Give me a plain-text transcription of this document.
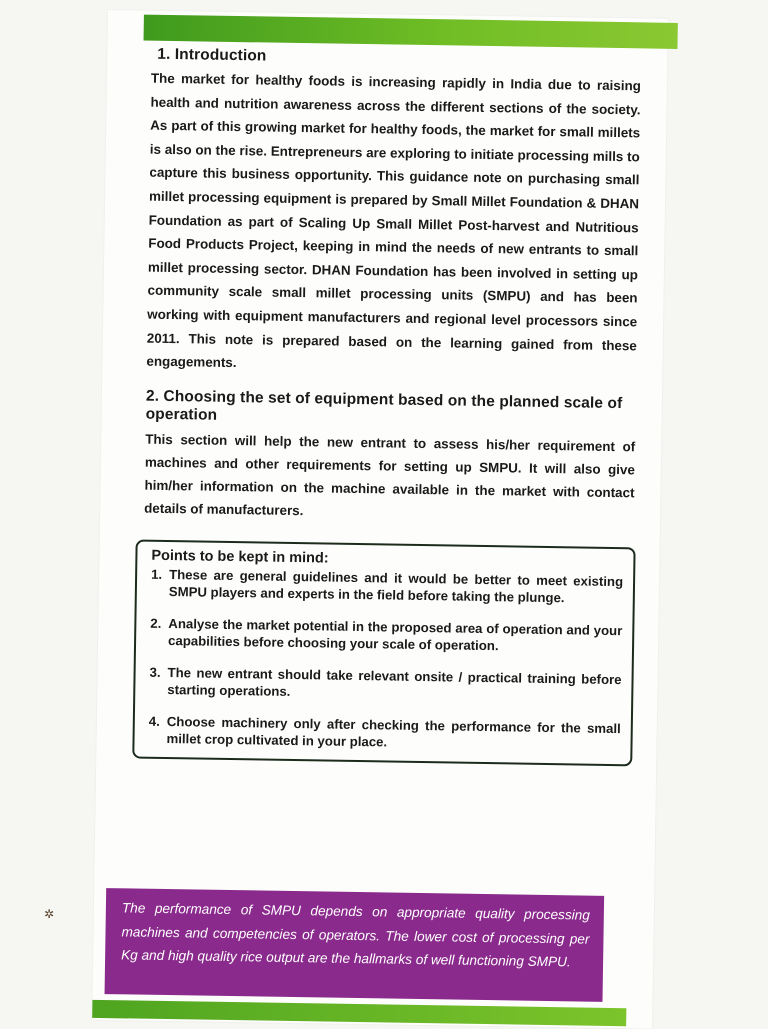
✲
1. Introduction

The market for healthy foods is increasing rapidly in India due to raising health and nutrition awareness across the different sections of the society. As part of this growing market for healthy foods, the market for small millets is also on the rise. Entrepreneurs are exploring to initiate processing mills to capture this business opportunity. This guidance note on purchasing small millet processing equipment is prepared by Small Millet Foundation & DHAN Foundation as part of Scaling Up Small Millet Post-harvest and Nutritious Food Products Project, keeping in mind the needs of new entrants to small millet processing sector. DHAN Foundation has been involved in setting up community scale small millet processing units (SMPU) and has been working with equipment manufacturers and regional level processors since 2011. This note is prepared based on the learning gained from these engagements.

2. Choosing the set of equipment based on the planned scale of operation

This section will help the new entrant to assess his/her requirement of machines and other requirements for setting up SMPU. It will also give him/her information on the machine available in the market with contact details of manufacturers.

Points to be kept in mind:
1. These are general guidelines and it would be better to meet existing SMPU players and experts in the field before taking the plunge.
2. Analyse the market potential in the proposed area of operation and your capabilities before choosing your scale of operation.
3. The new entrant should take relevant onsite / practical training before starting operations.
4. Choose machinery only after checking the performance for the small millet crop cultivated in your place.

The performance of SMPU depends on appropriate quality processing machines and competencies of operators. The lower cost of processing per Kg and high quality rice output are the hallmarks of well functioning SMPU.
